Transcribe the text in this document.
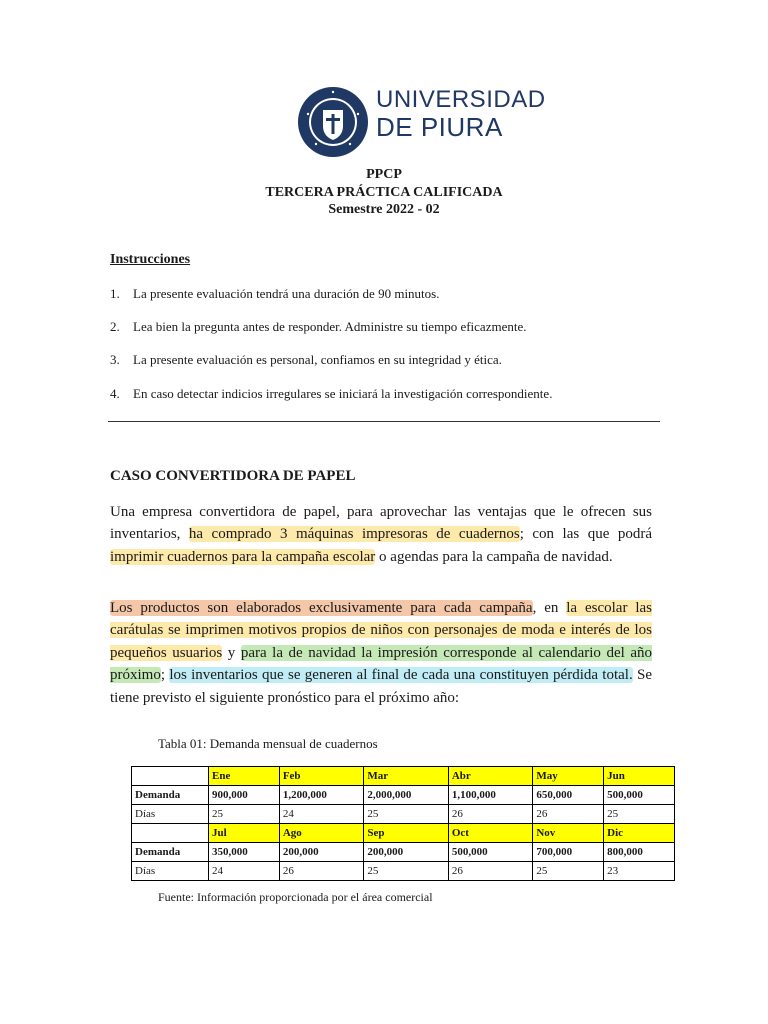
UNIVERSIDAD
DE PIURA
PPCP
TERCERA PRÁCTICA CALIFICADA
Semestre 2022 - 02
Instrucciones
1. La presente evaluación tendrá una duración de 90 minutos.
2. Lea bien la pregunta antes de responder. Administre su tiempo eficazmente.
3. La presente evaluación es personal, confiamos en su integridad y ética.
4. En caso detectar indicios irregulares se iniciará la investigación correspondiente.
CASO CONVERTIDORA DE PAPEL
Una empresa convertidora de papel, para aprovechar las ventajas que le ofrecen sus inventarios, ha comprado 3 máquinas impresoras de cuadernos; con las que podrá imprimir cuadernos para la campaña escolar o agendas para la campaña de navidad.
Los productos son elaborados exclusivamente para cada campaña, en la escolar las carátulas se imprimen motivos propios de niños con personajes de moda e interés de los pequeños usuarios y para la de navidad la impresión corresponde al calendario del año próximo; los inventarios que se generen al final de cada una constituyen pérdida total. Se tiene previsto el siguiente pronóstico para el próximo año:
Tabla 01: Demanda mensual de cuadernos
	Ene	Feb	Mar	Abr	May	Jun
Demanda	900,000	1,200,000	2,000,000	1,100,000	650,000	500,000
Días	25	24	25	26	26	25
	Jul	Ago	Sep	Oct	Nov	Dic
Demanda	350,000	200,000	200,000	500,000	700,000	800,000
Días	24	26	25	26	25	23
Fuente: Información proporcionada por el área comercial
